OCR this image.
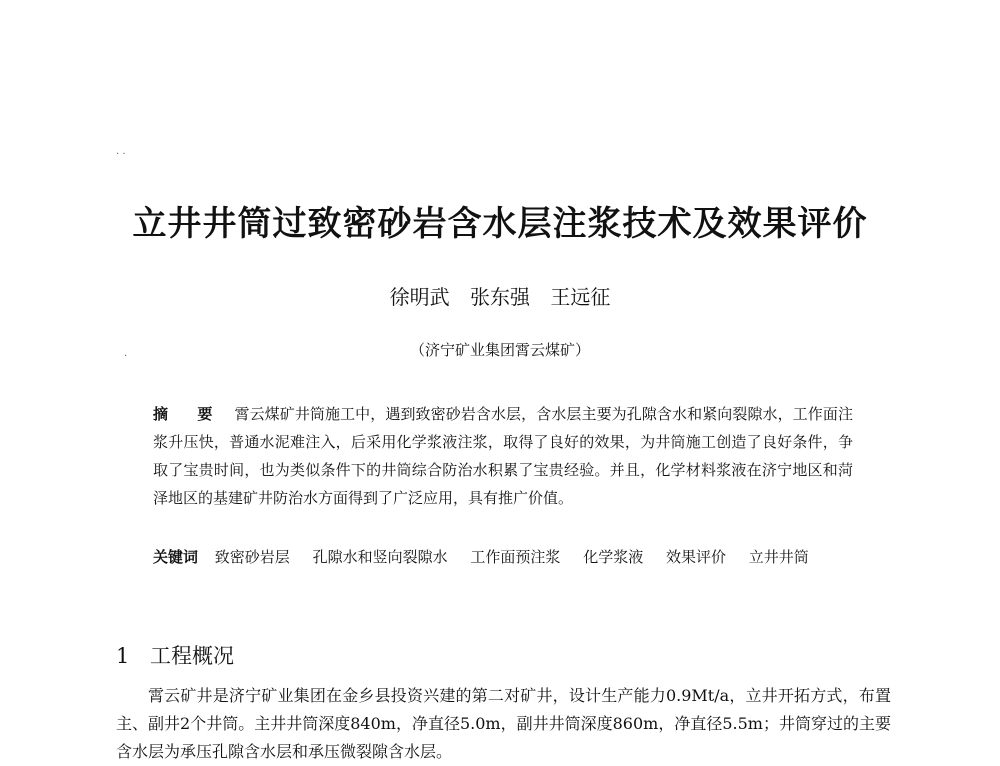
· ·
·
立井井筒过致密砂岩含水层注浆技术及效果评价
徐明武 张东强 王远征
（济宁矿业集团霄云煤矿）
摘 要 霄云煤矿井筒施工中，遇到致密砂岩含水层，含水层主要为孔隙含水和紧向裂隙水，工作面注浆升压快，普通水泥难注入，后采用化学浆液注浆，取得了良好的效果，为井筒施工创造了良好条件，争取了宝贵时间，也为类似条件下的井筒综合防治水积累了宝贵经验。并且，化学材料浆液在济宁地区和菏泽地区的基建矿井防治水方面得到了广泛应用，具有推广价值。
关键词 致密砂岩层 孔隙水和竖向裂隙水 工作面预注浆 化学浆液 效果评价 立井井筒
1 工程概况

霄云矿井是济宁矿业集团在金乡县投资兴建的第二对矿井，设计生产能力0.9Mt/a，立井开拓方式，布置主、副井2个井筒。主井井筒深度840m，净直径5.0m，副井井筒深度860m，净直径5.5m；井筒穿过的主要含水层为承压孔隙含水层和承压微裂隙含水层。
